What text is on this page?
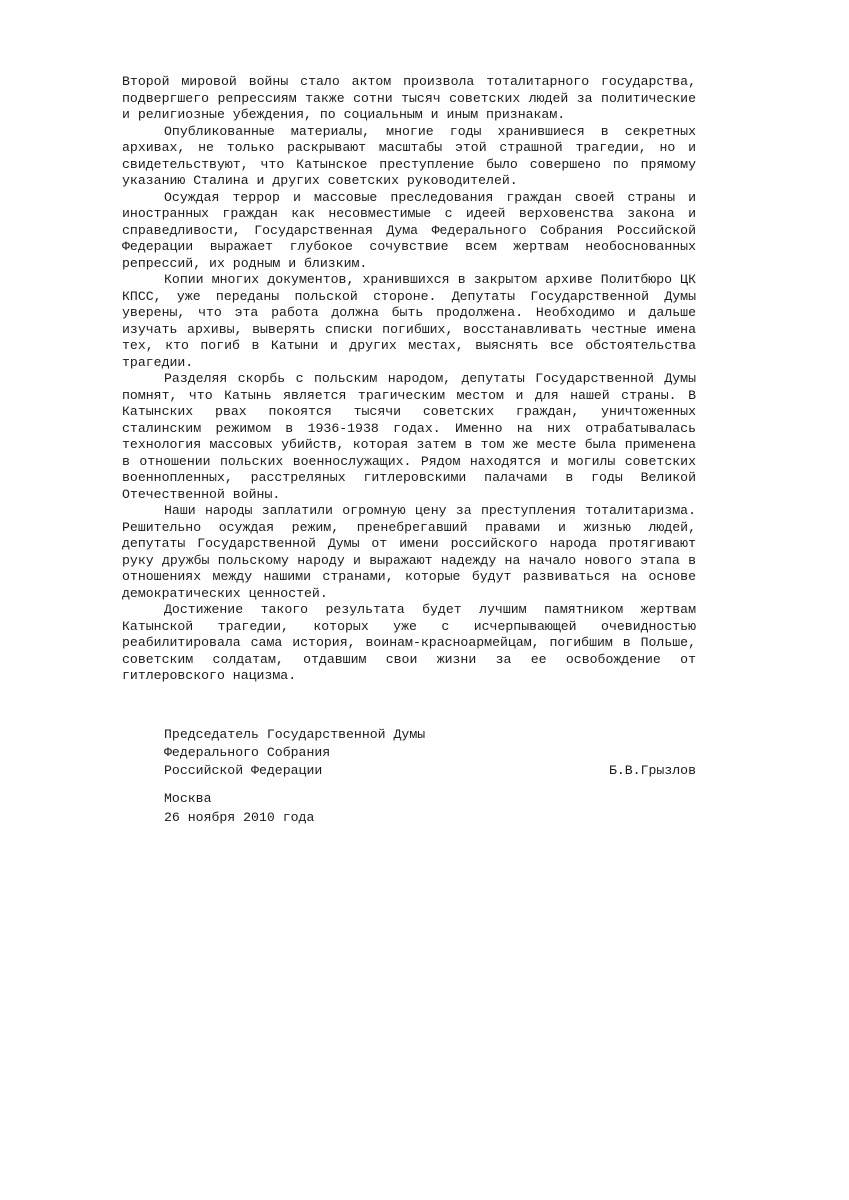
Второй мировой войны стало актом произвола тоталитарного государства, подвергшего репрессиям также сотни тысяч советских людей за политические и религиозные убеждения, по социальным и иным признакам.

Опубликованные материалы, многие годы хранившиеся в секретных архивах, не только раскрывают масштабы этой страшной трагедии, но и свидетельствуют, что Катынское преступление было совершено по прямому указанию Сталина и других советских руководителей.

Осуждая террор и массовые преследования граждан своей страны и иностранных граждан как несовместимые с идеей верховенства закона и справедливости, Государственная Дума Федерального Собрания Российской Федерации выражает глубокое сочувствие всем жертвам необоснованных репрессий, их родным и близким.

Копии многих документов, хранившихся в закрытом архиве Политбюро ЦК КПСС, уже переданы польской стороне. Депутаты Государственной Думы уверены, что эта работа должна быть продолжена. Необходимо и дальше изучать архивы, выверять списки погибших, восстанавливать честные имена тех, кто погиб в Катыни и других местах, выяснять все обстоятельства трагедии.

Разделяя скорбь с польским народом, депутаты Государственной Думы помнят, что Катынь является трагическим местом и для нашей страны. В Катынских рвах покоятся тысячи советских граждан, уничтоженных сталинским режимом в 1936-1938 годах. Именно на них отрабатывалась технология массовых убийств, которая затем в том же месте была применена в отношении польских военнослужащих. Рядом находятся и могилы советских военнопленных, расстреляных гитлеровскими палачами в годы Великой Отечественной войны.

Наши народы заплатили огромную цену за преступления тоталитаризма. Решительно осуждая режим, пренебрегавший правами и жизнью людей, депутаты Государственной Думы от имени российского народа протягивают руку дружбы польскому народу и выражают надежду на начало нового этапа в отношениях между нашими странами, которые будут развиваться на основе демократических ценностей.

Достижение такого результата будет лучшим памятником жертвам Катынской трагедии, которых уже с исчерпывающей очевидностью реабилитировала сама история, воинам-красноармейцам, погибшим в Польше, советским солдатам, отдавшим свои жизни за ее освобождение от гитлеровского нацизма.

Председатель Государственной Думы
Федерального Собрания
Российской Федерации	Б.В.Грызлов
Москва
26 ноября 2010 года
